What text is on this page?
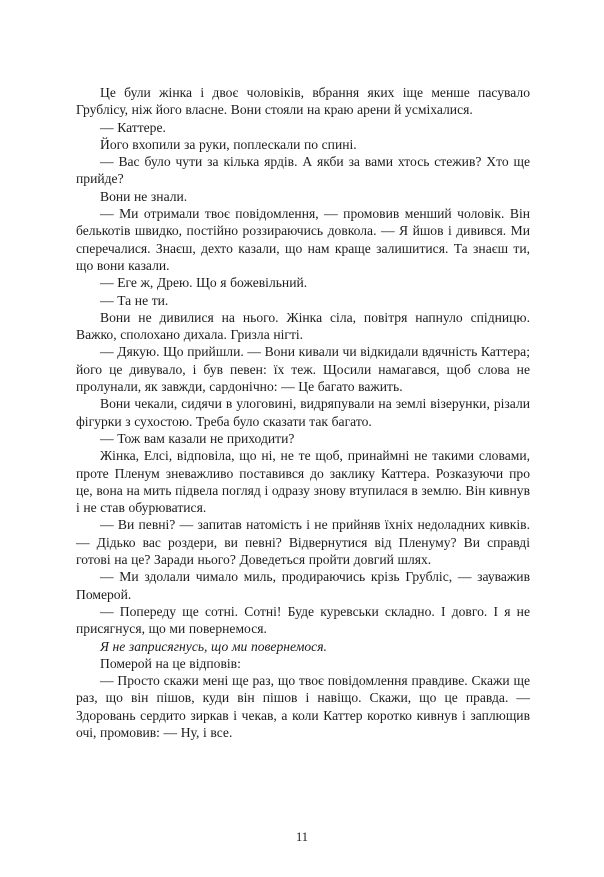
Це були жінка і двоє чоловіків, вбрання яких іще менше пасувало Грублісу, ніж його власне. Вони стояли на краю арени й усміхалися.

— Каттере.

Його вхопили за руки, поплескали по спині.

— Вас було чути за кілька ярдів. А якби за вами хтось стежив? Хто ще прийде?

Вони не знали.

— Ми отримали твоє повідомлення, — промовив менший чоловік. Він белькотів швидко, постійно роззираючись довкола. — Я йшов і дивився. Ми сперечалися. Знаєш, дехто казали, що нам краще залишитися. Та знаєш ти, що вони казали.

— Еге ж, Дрею. Що я божевільний.

— Та не ти.

Вони не дивилися на нього. Жінка сіла, повітря напнуло спідницю. Важко, сполохано дихала. Гризла нігті.

— Дякую. Що прийшли. — Вони кивали чи відкидали вдячність Каттера; його це дивувало, і був певен: їх теж. Щосили намагався, щоб слова не пролунали, як завжди, сардонічно: — Це багато важить.

Вони чекали, сидячи в улоговині, видряпували на землі візерунки, різали фігурки з сухостою. Треба було сказати так багато.

— Тож вам казали не приходити?

Жінка, Елсі, відповіла, що ні, не те щоб, принаймні не такими словами, проте Пленум зневажливо поставився до заклику Каттера. Розказуючи про це, вона на мить підвела погляд і одразу знову втупилася в землю. Він кивнув і не став обурюватися.

— Ви певні? — запитав натомість і не прийняв їхніх недоладних кивків. — Дідько вас роздери, ви певні? Відвернутися від Пленуму? Ви справді готові на це? Заради нього? Доведеться пройти довгий шлях.

— Ми здолали чимало миль, продираючись крізь Грубліс, — зауважив Померой.

— Попереду ще сотні. Сотні! Буде куревськи складно. І довго. І я не присягнуся, що ми повернемося.

Я не заприсягнусь, що ми повернемося.

Померой на це відповів:

— Просто скажи мені ще раз, що твоє повідомлення правдиве. Скажи ще раз, що він пішов, куди він пішов і навіщо. Скажи, що це правда. — Здоровань сердито зиркав і чекав, а коли Каттер коротко кивнув і заплющив очі, промовив: — Ну, і все.

11
